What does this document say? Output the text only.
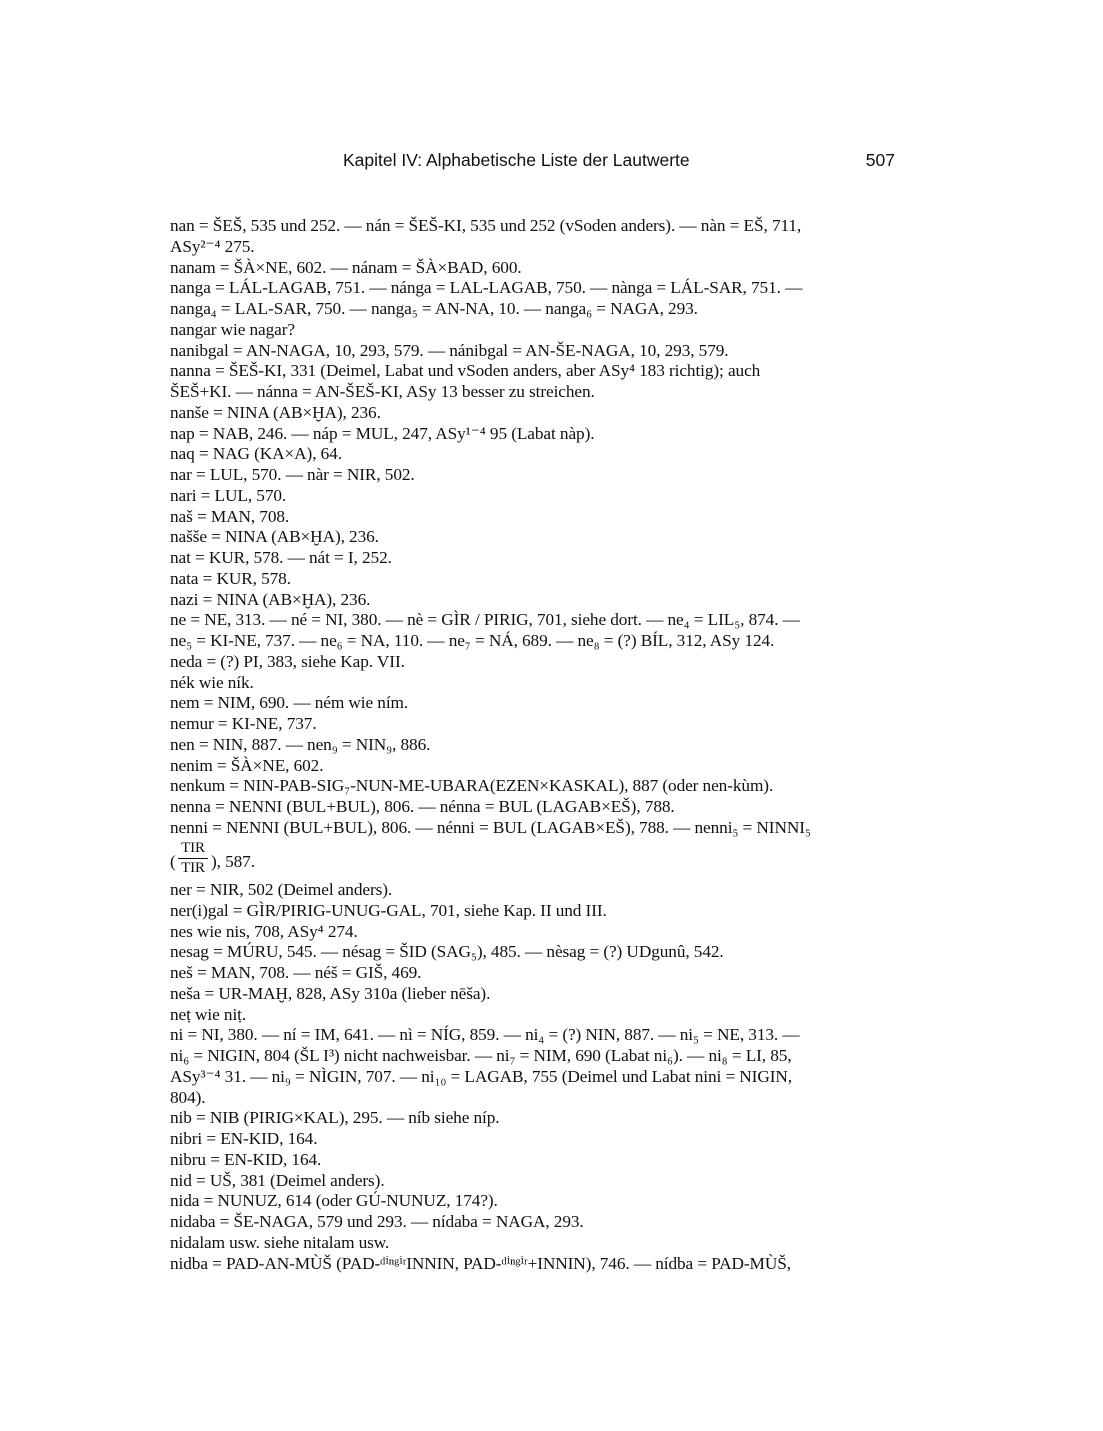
Kapitel IV: Alphabetische Liste der Lautwerte	507
nan = ŠEŠ, 535 und 252. — nán = ŠEŠ-KI, 535 und 252 (vSoden anders). — nàn = EŠ, 711,
ASy²⁻⁴ 275.
nanam = ŠÀ×NE, 602. — nánam = ŠÀ×BAD, 600.
nanga = LÁL-LAGAB, 751. — nánga = LAL-LAGAB, 750. — nànga = LÁL-SAR, 751. —
nanga₄ = LAL-SAR, 750. — nanga₅ = AN-NA, 10. — nanga₆ = NAGA, 293.
nangar wie nagar?
nanibgal = AN-NAGA, 10, 293, 579. — nánibgal = AN-ŠE-NAGA, 10, 293, 579.
nanna = ŠEŠ-KI, 331 (Deimel, Labat und vSoden anders, aber ASy⁴ 183 richtig); auch
ŠEŠ+KI. — nánna = AN-ŠEŠ-KI, ASy 13 besser zu streichen.
nanše = NINA (AB×ḪA), 236.
nap = NAB, 246. — náp = MUL, 247, ASy¹⁻⁴ 95 (Labat nàp).
naq = NAG (KA×A), 64.
nar = LUL, 570. — nàr = NIR, 502.
nari = LUL, 570.
naš = MAN, 708.
našše = NINA (AB×ḪA), 236.
nat = KUR, 578. — nát = I, 252.
nata = KUR, 578.
nazi = NINA (AB×ḪA), 236.
ne = NE, 313. — né = NI, 380. — nè = GÌR / PIRIG, 701, siehe dort. — ne₄ = LIL₅, 874. —
ne₅ = KI-NE, 737. — ne₆ = NA, 110. — ne₇ = NÁ, 689. — ne₈ = (?) BÍL, 312, ASy 124.
neda = (?) PI, 383, siehe Kap. VII.
nék wie ník.
nem = NIM, 690. — ném wie ním.
nemur = KI-NE, 737.
nen = NIN, 887. — nen₉ = NIN₉, 886.
nenim = ŠÀ×NE, 602.
nenkum = NIN-PAB-SIG₇-NUN-ME-UBARA(EZEN×KASKAL), 887 (oder nen-kùm).
nenna = NENNI (BUL+BUL), 806. — nénna = BUL (LAGAB×EŠ), 788.
nenni = NENNI (BUL+BUL), 806. — nénni = BUL (LAGAB×EŠ), 788. — nenni₅ = NINNI₅
(
TIR
TIR ), 587.
ner = NIR, 502 (Deimel anders).
ner(i)gal = GÌR/PIRIG-UNUG-GAL, 701, siehe Kap. II und III.
nes wie nis, 708, ASy⁴ 274.
nesag = MÚRU, 545. — nésag = ŠID (SAG₅), 485. — nèsag = (?) UDgunû, 542.
neš = MAN, 708. — néš = GIŠ, 469.
neša = UR-MAḪ, 828, ASy 310a (lieber nēša).
neṭ wie niṭ.
ni = NI, 380. — ní = IM, 641. — nì = NÍG, 859. — ni₄ = (?) NIN, 887. — ni₅ = NE, 313. —
ni₆ = NIGIN, 804 (ŠL I³) nicht nachweisbar. — ni₇ = NIM, 690 (Labat ni₆). — ni₈ = LI, 85,
ASy³⁻⁴ 31. — ni₉ = NÌGIN, 707. — ni₁₀ = LAGAB, 755 (Deimel und Labat nini = NIGIN,
804).
nib = NIB (PIRIG×KAL), 295. — níb siehe níp.
nibri = EN-KID, 164.
nibru = EN-KID, 164.
nid = UŠ, 381 (Deimel anders).
nida = NUNUZ, 614 (oder GÚ-NUNUZ, 174?).
nidaba = ŠE-NAGA, 579 und 293. — nídaba = NAGA, 293.
nidalam usw. siehe nitalam usw.
nidba = PAD-AN-MÙŠ (PAD-ᵈⁱⁿᵍⁱʳINNIN, PAD-ᵈⁱⁿᵍⁱʳ+INNIN), 746. — nídba = PAD-MÙŠ,
